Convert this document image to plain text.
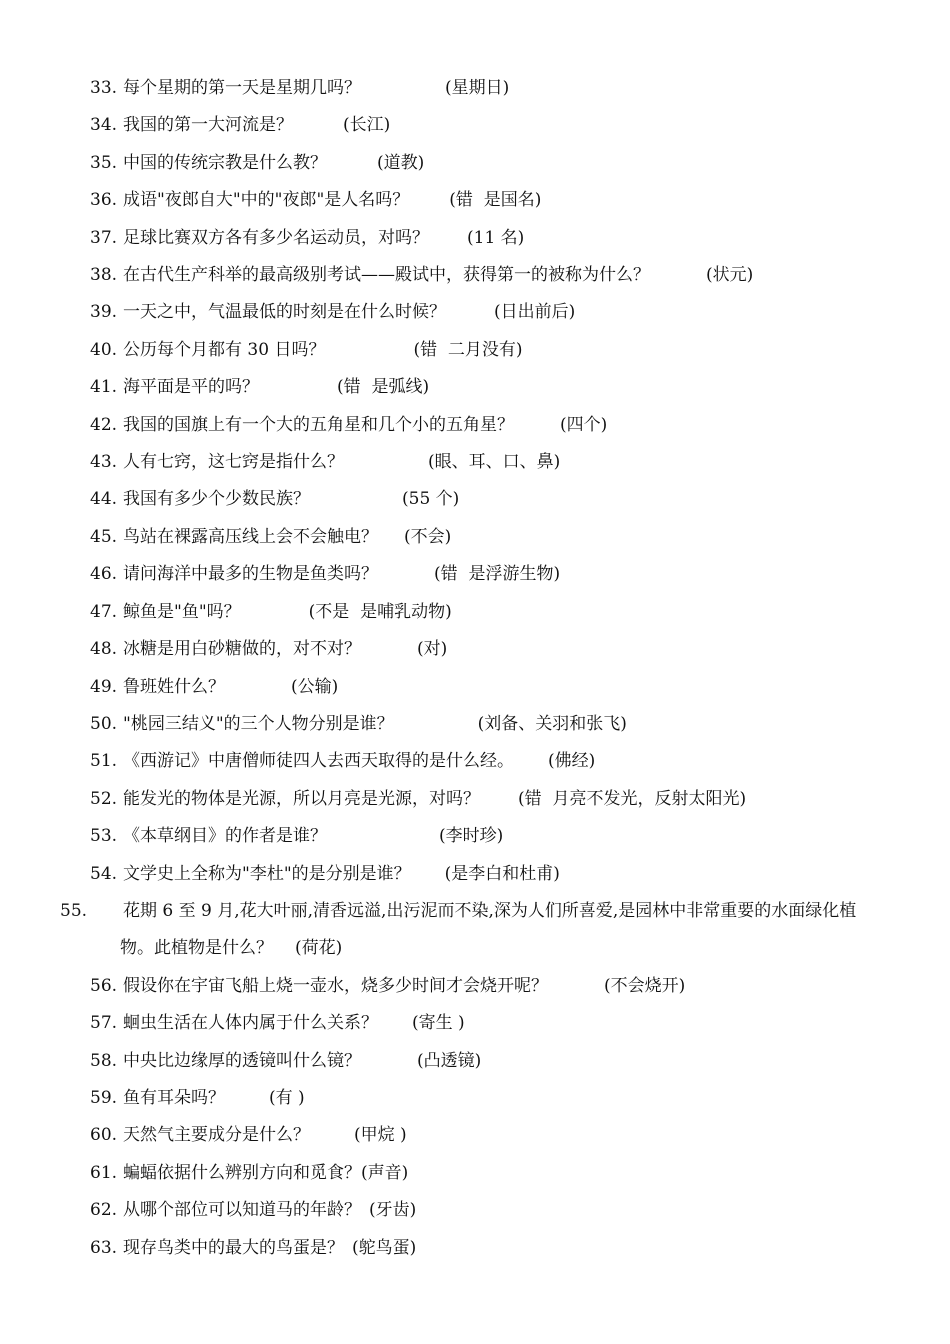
33. 每个星期的第一天是星期几吗？	(星期日)
34. 我国的第一大河流是？	(长江)
35. 中国的传统宗教是什么教？	(道教)
36. 成语"夜郎自大"中的"夜郎"是人名吗？ (错  是国名)
37. 足球比赛双方各有多少名运动员，对吗？ (11 名)
38. 在古代生产科举的最高级别考试——殿试中，获得第一的被称为什么？	(状元)
39. 一天之中，气温最低的时刻是在什么时候？	(日出前后)
40. 公历每个月都有 30 日吗？	(错  二月没有)
41. 海平面是平的吗？	(错  是弧线)
42. 我国的国旗上有一个大的五角星和几个小的五角星？	(四个)
43. 人有七窍，这七窍是指什么？	(眼、耳、口、鼻)
44. 我国有多少个少数民族？	(55 个)
45. 鸟站在裸露高压线上会不会触电？ (不会)
46. 请问海洋中最多的生物是鱼类吗？	(错  是浮游生物)
47. 鲸鱼是"鱼"吗？	(不是  是哺乳动物)
48. 冰糖是用白砂糖做的，对不对？	(对)
49. 鲁班姓什么？	(公输)
50. "桃园三结义"的三个人物分别是谁？	(刘备、关羽和张飞)
51. 《西游记》中唐僧师徒四人去西天取得的是什么经。 (佛经)
52. 能发光的物体是光源，所以月亮是光源，对吗？ (错  月亮不发光，反射太阳光)
53. 《本草纲目》的作者是谁？	(李时珍)
54. 文学史上全称为"李杜"的是分别是谁？ (是李白和杜甫)
55. 花期 6 至 9 月,花大叶丽,清香远溢,出污泥而不染,深为人们所喜爱,是园林中非常重要的水面绿化植物。此植物是什么？ (荷花)
56. 假设你在宇宙飞船上烧一壶水，烧多少时间才会烧开呢？	(不会烧开)
57. 蛔虫生活在人体内属于什么关系？ (寄生 )
58. 中央比边缘厚的透镜叫什么镜？	(凸透镜)
59. 鱼有耳朵吗？	(有 )
60. 天然气主要成分是什么？	(甲烷 )
61. 蝙蝠依据什么辨别方向和觅食？(声音)
62. 从哪个部位可以知道马的年龄？ (牙齿)
63. 现存鸟类中的最大的鸟蛋是？ (鸵鸟蛋)
